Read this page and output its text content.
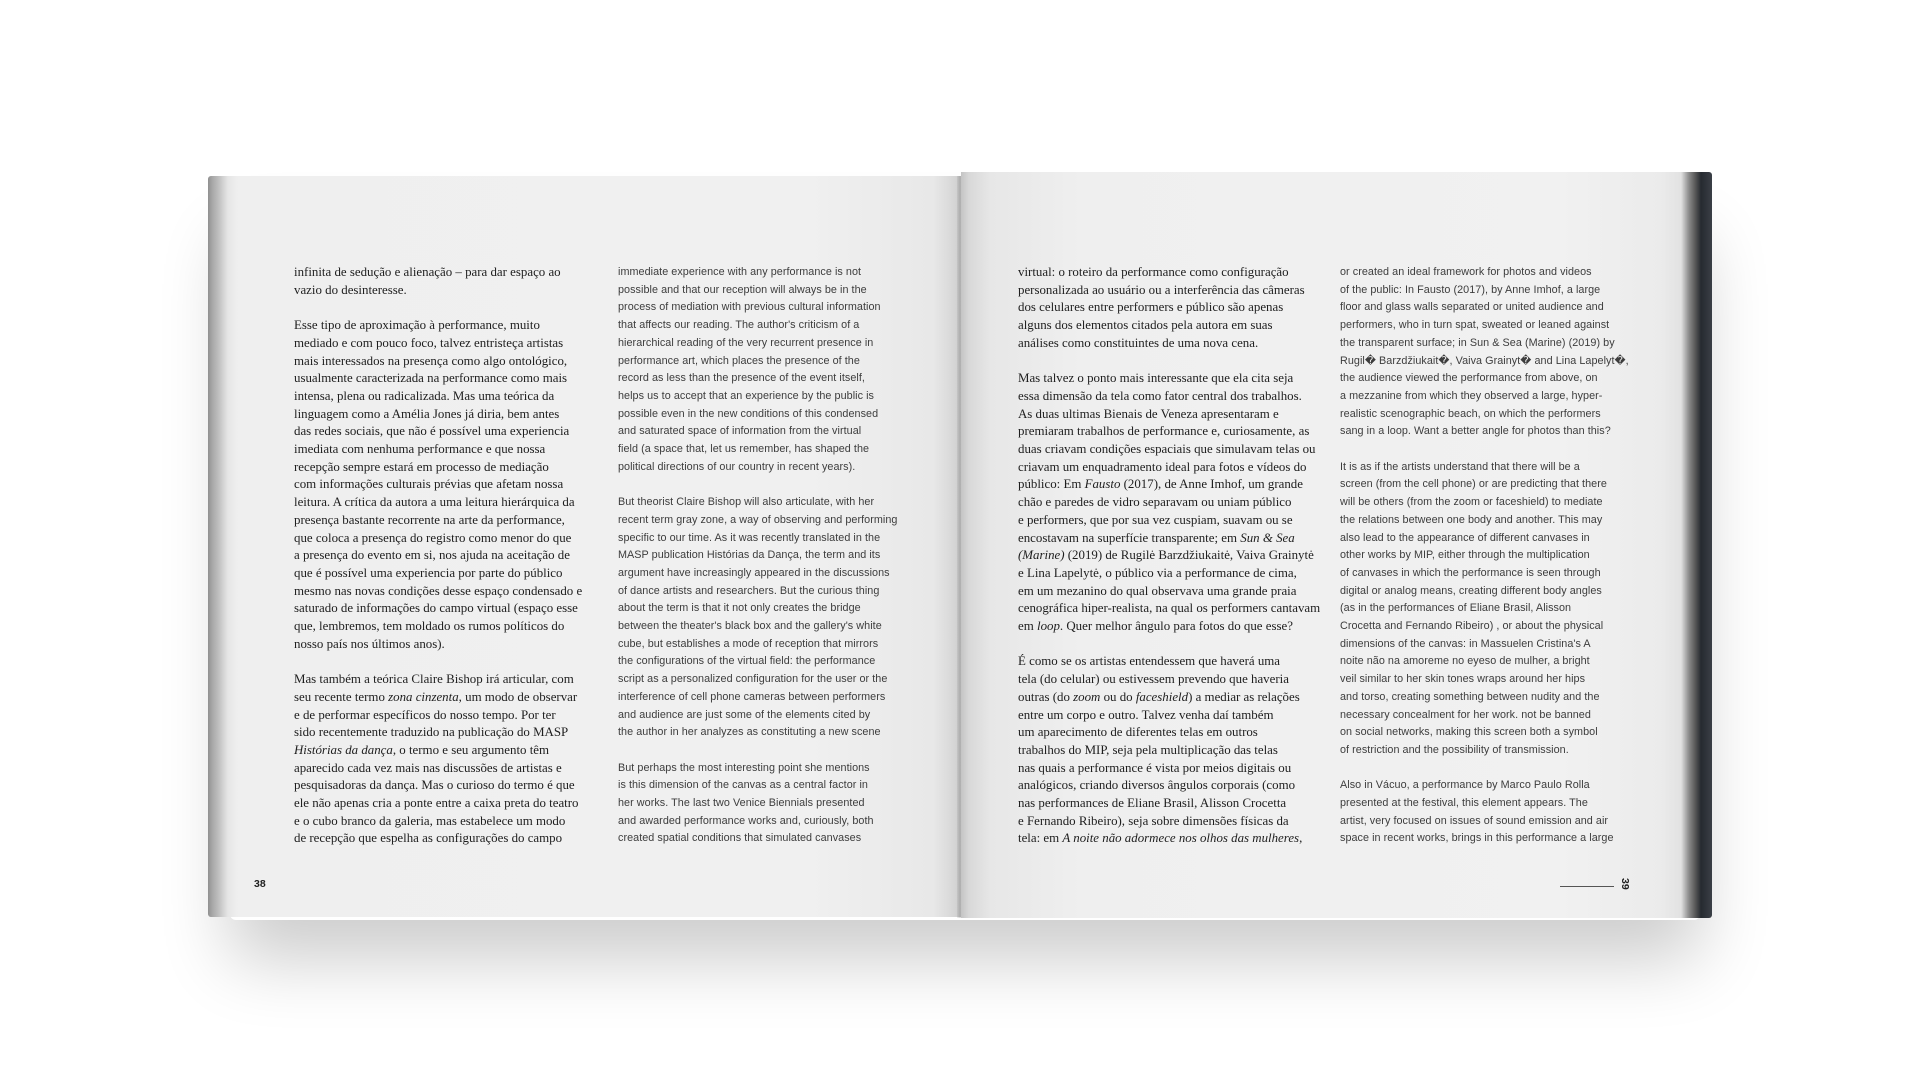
infinita de sedução e alienação – para dar espaço ao
vazio do desinteresse.

Esse tipo de aproximação à performance, muito
mediado e com pouco foco, talvez entristeça artistas
mais interessados na presença como algo ontológico,
usualmente caracterizada na performance como mais
intensa, plena ou radicalizada. Mas uma teórica da
linguagem como a Amélia Jones já diria, bem antes
das redes sociais, que não é possível uma experiencia
imediata com nenhuma performance e que nossa
recepção sempre estará em processo de mediação
com informações culturais prévias que afetam nossa
leitura. A crítica da autora a uma leitura hierárquica da
presença bastante recorrente na arte da performance,
que coloca a presença do registro como menor do que
a presença do evento em si, nos ajuda na aceitação de
que é possível uma experiencia por parte do público
mesmo nas novas condições desse espaço condensado e
saturado de informações do campo virtual (espaço esse
que, lembremos, tem moldado os rumos políticos do
nosso país nos últimos anos).

Mas também a teórica Claire Bishop irá articular, com
seu recente termo zona cinzenta, um modo de observar
e de performar específicos do nosso tempo. Por ter
sido recentemente traduzido na publicação do MASP
Histórias da dança, o termo e seu argumento têm
aparecido cada vez mais nas discussões de artistas e
pesquisadoras da dança. Mas o curioso do termo é que
ele não apenas cria a ponte entre a caixa preta do teatro
e o cubo branco da galeria, mas estabelece um modo
de recepção que espelha as configurações do campo

immediate experience with any performance is not
possible and that our reception will always be in the
process of mediation with previous cultural information
that affects our reading. The author's criticism of a
hierarchical reading of the very recurrent presence in
performance art, which places the presence of the
record as less than the presence of the event itself,
helps us to accept that an experience by the public is
possible even in the new conditions of this condensed
and saturated space of information from the virtual
field (a space that, let us remember, has shaped the
political directions of our country in recent years).

But theorist Claire Bishop will also articulate, with her
recent term gray zone, a way of observing and performing
specific to our time. As it was recently translated in the
MASP publication Histórias da Dança, the term and its
argument have increasingly appeared in the discussions
of dance artists and researchers. But the curious thing
about the term is that it not only creates the bridge
between the theater's black box and the gallery's white
cube, but establishes a mode of reception that mirrors
the configurations of the virtual field: the performance
script as a personalized configuration for the user or the
interference of cell phone cameras between performers
and audience are just some of the elements cited by
the author in her analyzes as constituting a new scene

But perhaps the most interesting point she mentions
is this dimension of the canvas as a central factor in
her works. The last two Venice Biennials presented
and awarded performance works and, curiously, both
created spatial conditions that simulated canvases

38

virtual: o roteiro da performance como configuração
personalizada ao usuário ou a interferência das câmeras
dos celulares entre performers e público são apenas
alguns dos elementos citados pela autora em suas
análises como constituintes de uma nova cena.

Mas talvez o ponto mais interessante que ela cita seja
essa dimensão da tela como fator central dos trabalhos.
As duas ultimas Bienais de Veneza apresentaram e
premiaram trabalhos de performance e, curiosamente, as
duas criavam condições espaciais que simulavam telas ou
criavam um enquadramento ideal para fotos e vídeos do
público: Em Fausto (2017), de Anne Imhof, um grande
chão e paredes de vidro separavam ou uniam público
e performers, que por sua vez cuspiam, suavam ou se
encostavam na superfície transparente; em Sun & Sea
(Marine) (2019) de Rugilė Barzdžiukaitė, Vaiva Grainytė
e Lina Lapelytė, o público via a performance de cima,
em um mezanino do qual observava uma grande praia
cenográfica hiper-realista, na qual os performers cantavam
em loop. Quer melhor ângulo para fotos do que esse?

É como se os artistas entendessem que haverá uma
tela (do celular) ou estivessem prevendo que haveria
outras (do zoom ou do faceshield) a mediar as relações
entre um corpo e outro. Talvez venha daí também
um aparecimento de diferentes telas em outros
trabalhos do MIP, seja pela multiplicação das telas
nas quais a performance é vista por meios digitais ou
analógicos, criando diversos ângulos corporais (como
nas performances de Eliane Brasil, Alisson Crocetta
e Fernando Ribeiro), seja sobre dimensões físicas da
tela: em A noite não adormece nos olhos das mulheres,

or created an ideal framework for photos and videos
of the public: In Fausto (2017), by Anne Imhof, a large
floor and glass walls separated or united audience and
performers, who in turn spat, sweated or leaned against
the transparent surface; in Sun & Sea (Marine) (2019) by
Rugil� Barzdžiukait�, Vaiva Grainyt� and Lina Lapelyt�,
the audience viewed the performance from above, on
a mezzanine from which they observed a large, hyper-
realistic scenographic beach, on which the performers
sang in a loop. Want a better angle for photos than this?

It is as if the artists understand that there will be a
screen (from the cell phone) or are predicting that there
will be others (from the zoom or faceshield) to mediate
the relations between one body and another. This may
also lead to the appearance of different canvases in
other works by MIP, either through the multiplication
of canvases in which the performance is seen through
digital or analog means, creating different body angles
(as in the performances of Eliane Brasil, Alisson
Crocetta and Fernando Ribeiro) , or about the physical
dimensions of the canvas: in Massuelen Cristina's A
noite não na amoreme no eyeso de mulher, a bright
veil similar to her skin tones wraps around her hips
and torso, creating something between nudity and the
necessary concealment for her work. not be banned
on social networks, making this screen both a symbol
of restriction and the possibility of transmission.

Also in Vácuo, a performance by Marco Paulo Rolla
presented at the festival, this element appears. The
artist, very focused on issues of sound emission and air
space in recent works, brings in this performance a large

39
